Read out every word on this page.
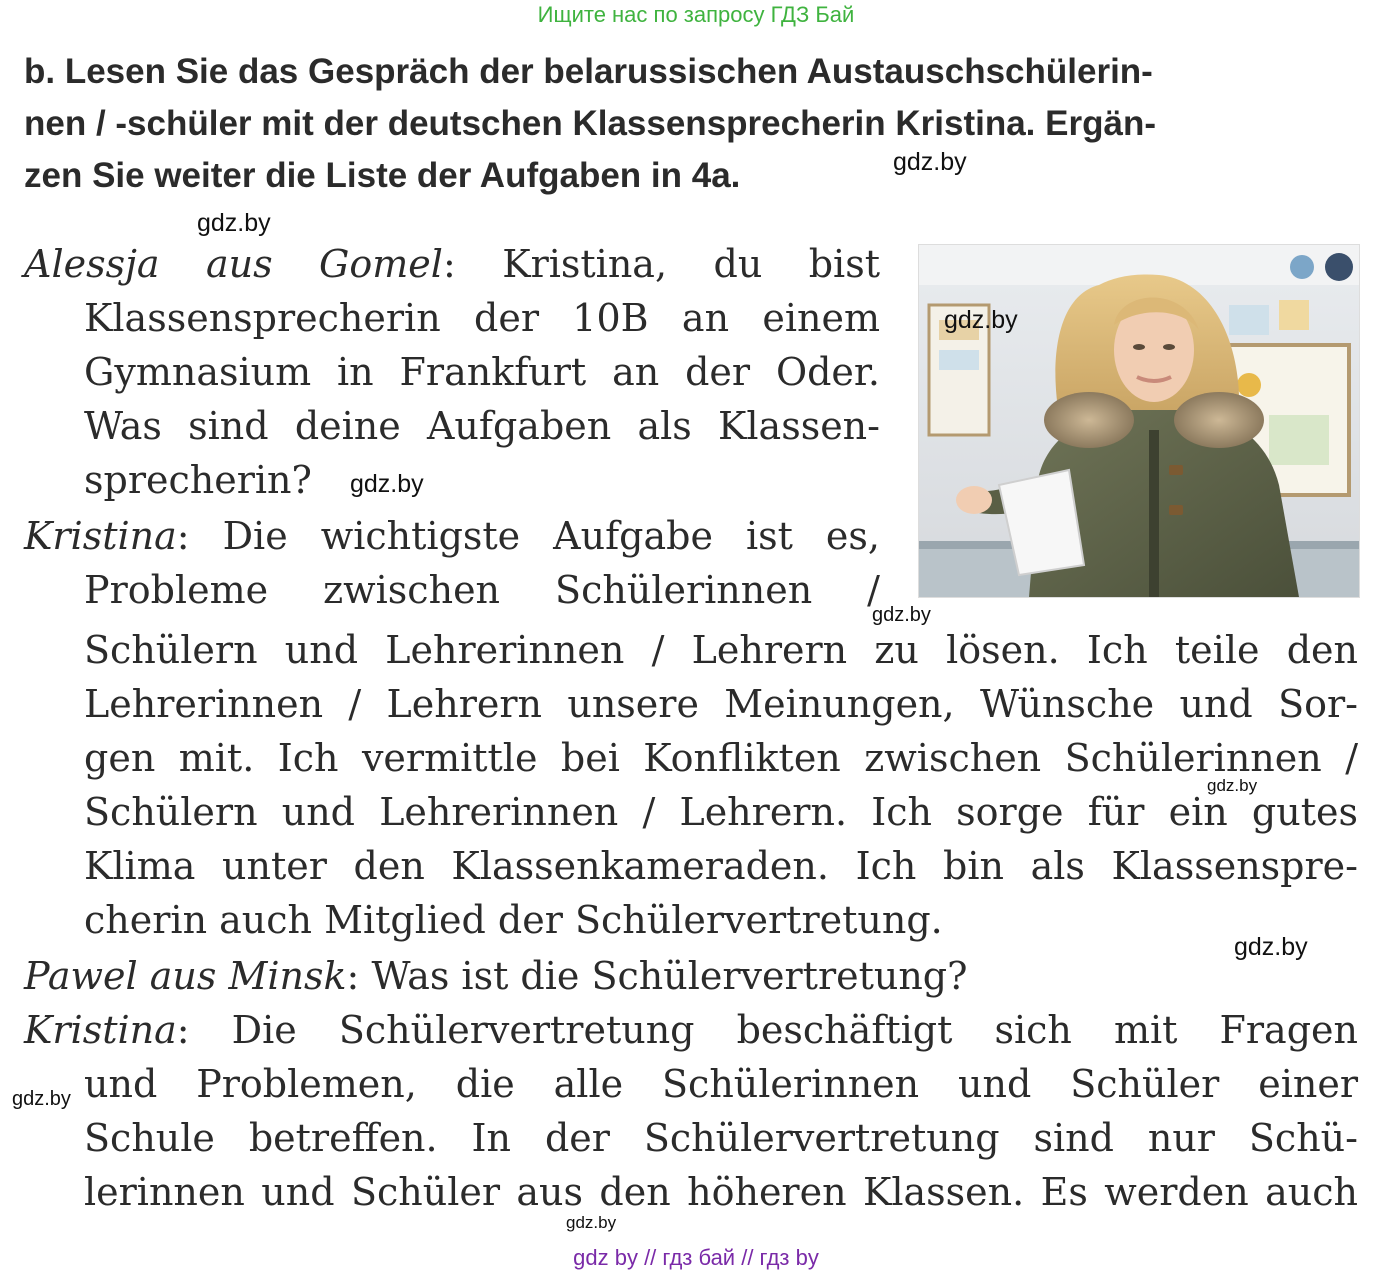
Ищите нас по запросу ГДЗ Бай
b. Lesen Sie das Gespräch der belarussischen Austauschschülerin-
nen / -schüler mit der deutschen Klassensprecherin Kristina. Ergän-
zen Sie weiter die Liste der Aufgaben in 4a.	gdz.by
gdz.by
Alessja aus Gomel: Kristina, du bist
Klassensprecherin der 10B an einem
Gymnasium in Frankfurt an der Oder.
Was sind deine Aufgaben als Klassen-
sprecherin? gdz.by
Kristina: Die wichtigste Aufgabe ist es,
Probleme zwischen Schülerinnen /
gdz.by
Schülern und Lehrerinnen / Lehrern zu lösen. Ich teile den
Lehrerinnen / Lehrern unsere Meinungen, Wünsche und Sor-
gen mit. Ich vermittle bei Konflikten zwischen Schülerinnen /
gdz.by
Schülern und Lehrerinnen / Lehrern. Ich sorge für ein gutes
Klima unter den Klassenkameraden. Ich bin als Klassenspre-
cherin auch Mitglied der Schülervertretung.
gdz.by
Pawel aus Minsk: Was ist die Schülervertretung?
Kristina: Die Schülervertretung beschäftigt sich mit Fragen
gdz.by und Problemen, die alle Schülerinnen und Schüler einer
Schule betreffen. In der Schülervertretung sind nur Schü-
lerinnen und Schüler aus den höheren Klassen. Es werden auch
gdz.by
gdz.by
gdz by // гдз бай // гдз by
